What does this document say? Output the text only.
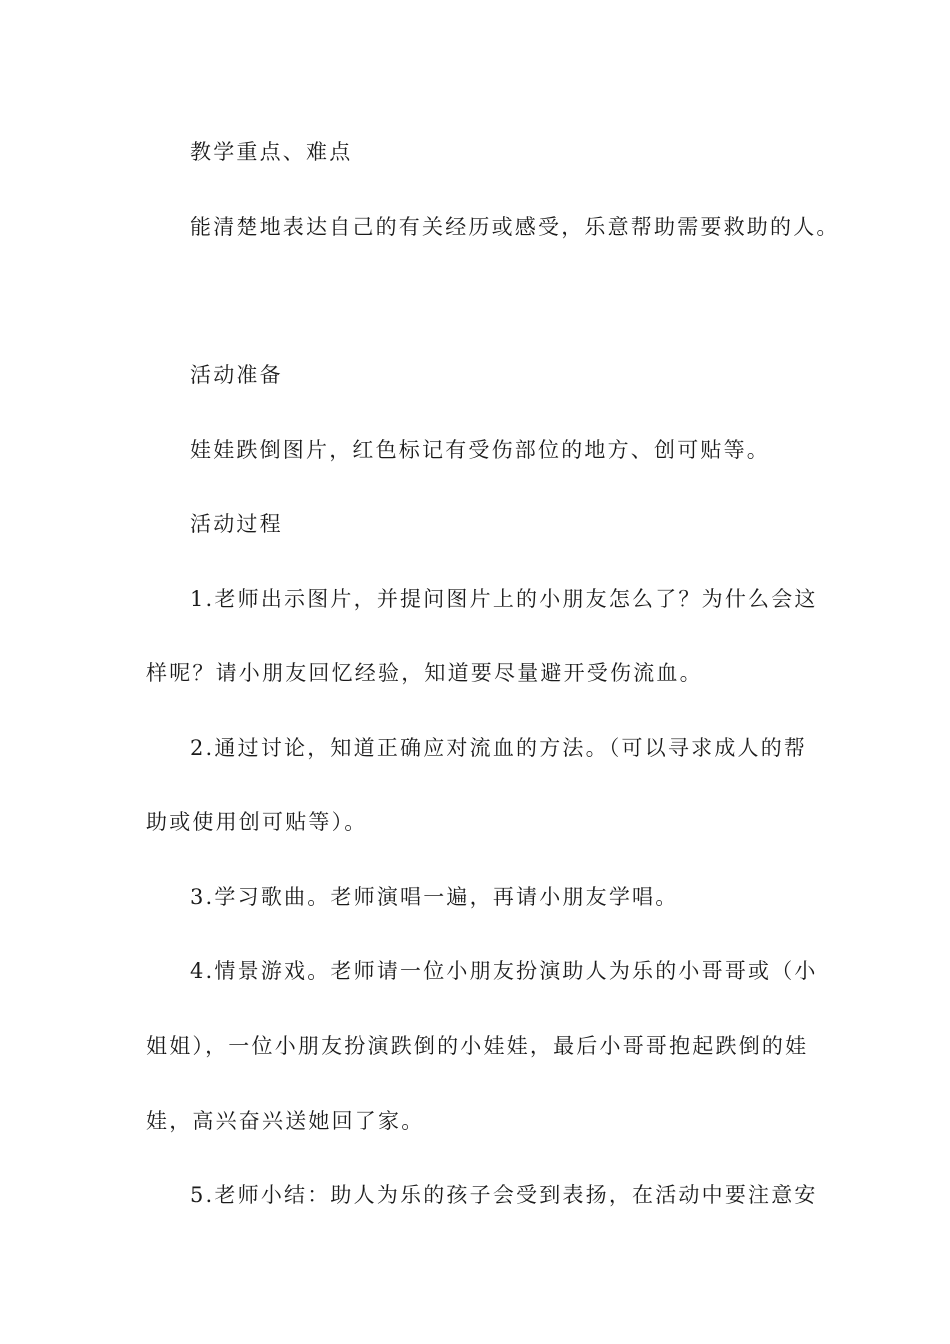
教学重点、难点
能清楚地表达自己的有关经历或感受，乐意帮助需要救助的人。
活动准备
娃娃跌倒图片，红色标记有受伤部位的地方、创可贴等。
活动过程
1.老师出示图片，并提问图片上的小朋友怎么了？为什么会这
样呢？请小朋友回忆经验，知道要尽量避开受伤流血。
2.通过讨论，知道正确应对流血的方法。（可以寻求成人的帮
助或使用创可贴等）。
3.学习歌曲。老师演唱一遍，再请小朋友学唱。
4.情景游戏。老师请一位小朋友扮演助人为乐的小哥哥或（小
姐姐），一位小朋友扮演跌倒的小娃娃，最后小哥哥抱起跌倒的娃
娃，高兴奋兴送她回了家。
5.老师小结：助人为乐的孩子会受到表扬，在活动中要注意安
